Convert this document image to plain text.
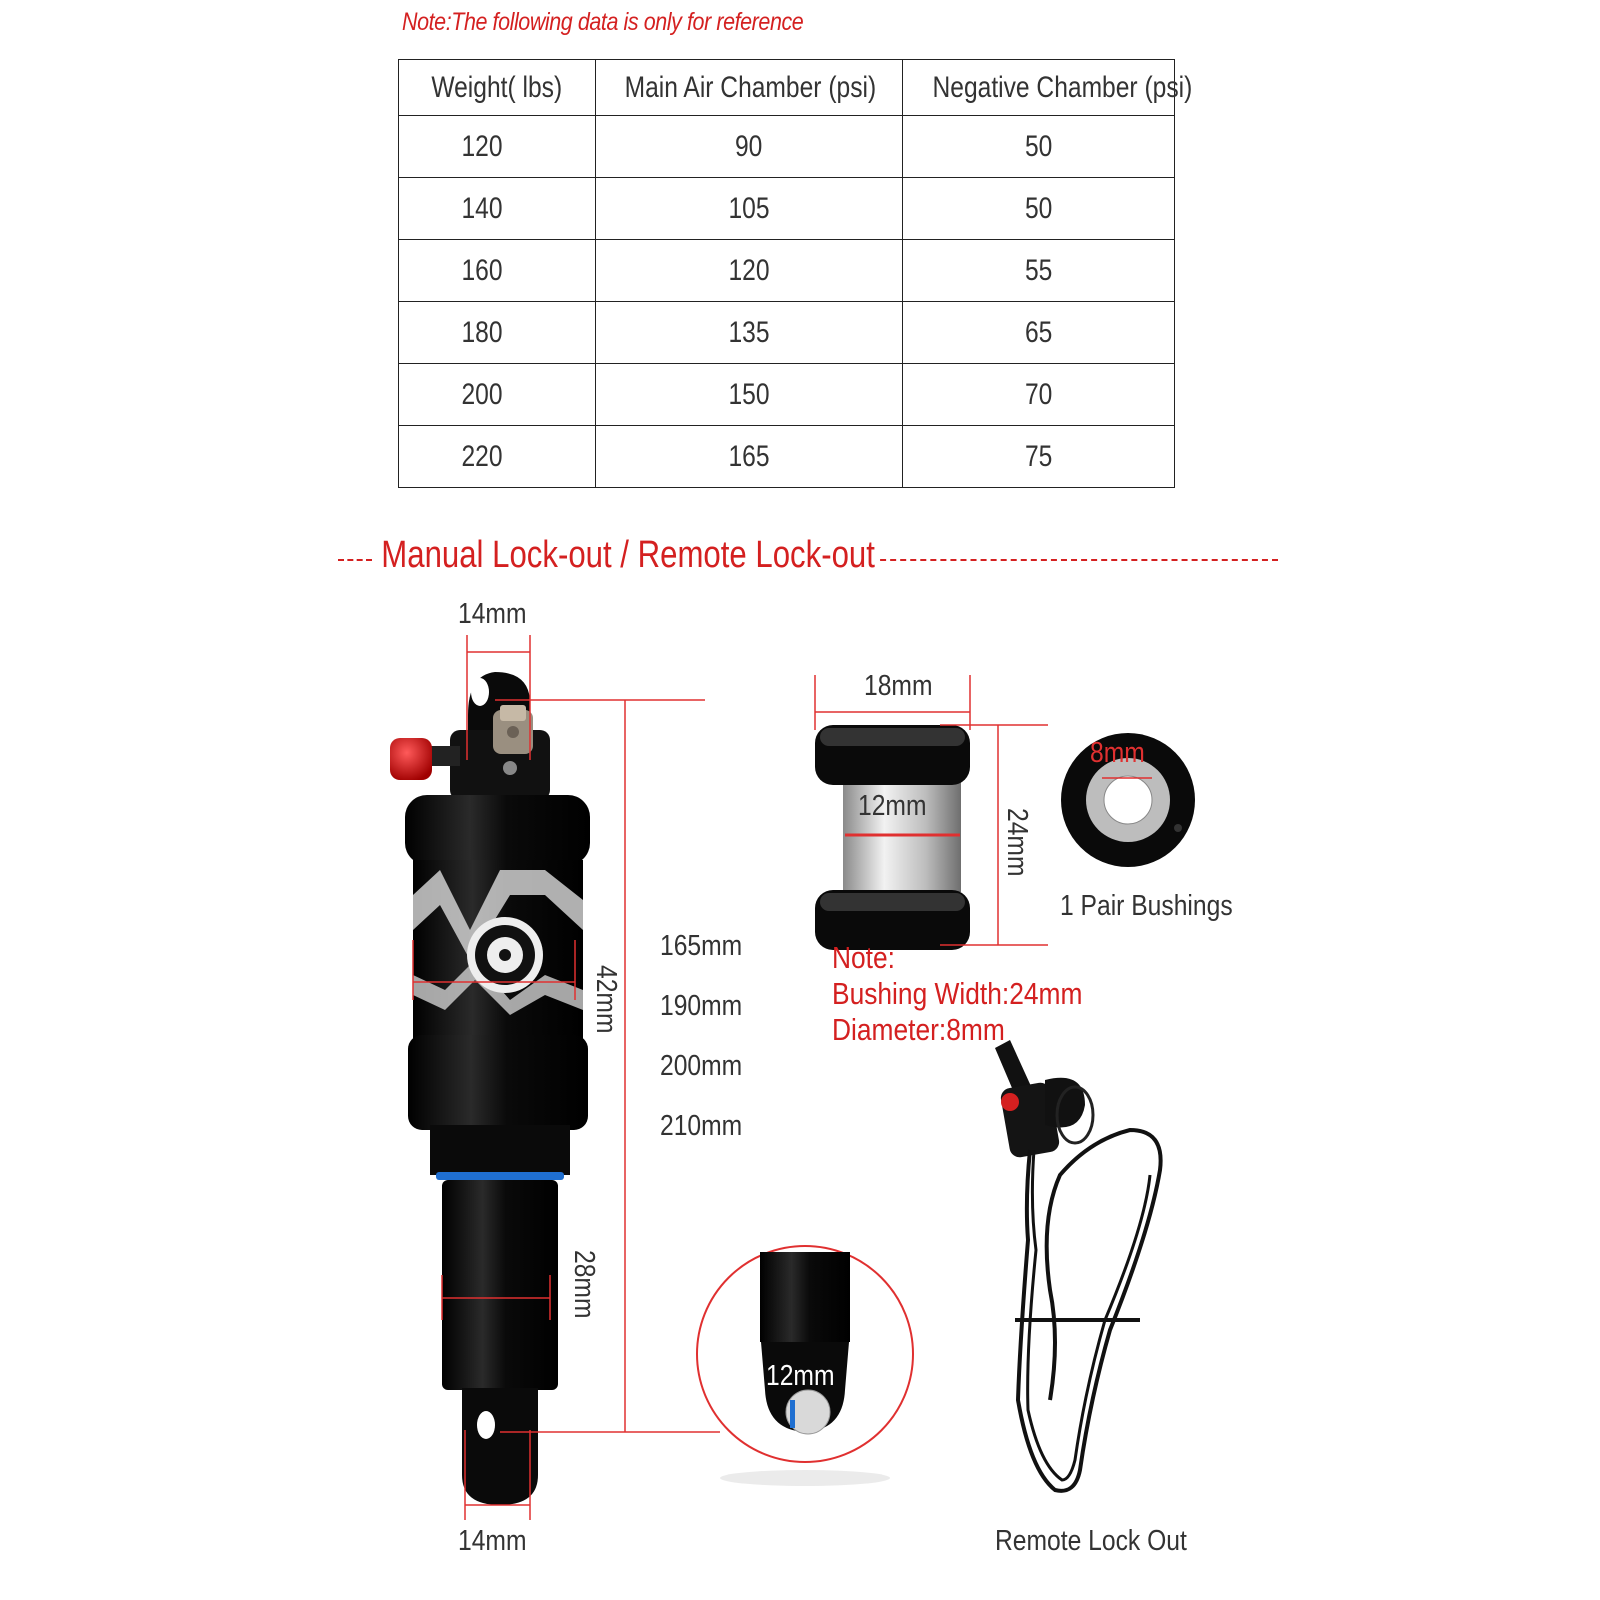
Note:The following data is only for reference
Weight( lbs)	Main Air Chamber (psi)	Negative Chamber (psi)
120	90	50
140	105	50
160	120	55
180	135	65
200	150	70
220	165	75
Manual Lock-out / Remote Lock-out
14mm
42mm
28mm
14mm
165mm
190mm
200mm
210mm
18mm
12mm
24mm
8mm
1 Pair Bushings
Note:
Bushing Width:24mm
Diameter:8mm
12mm
Remote Lock Out
